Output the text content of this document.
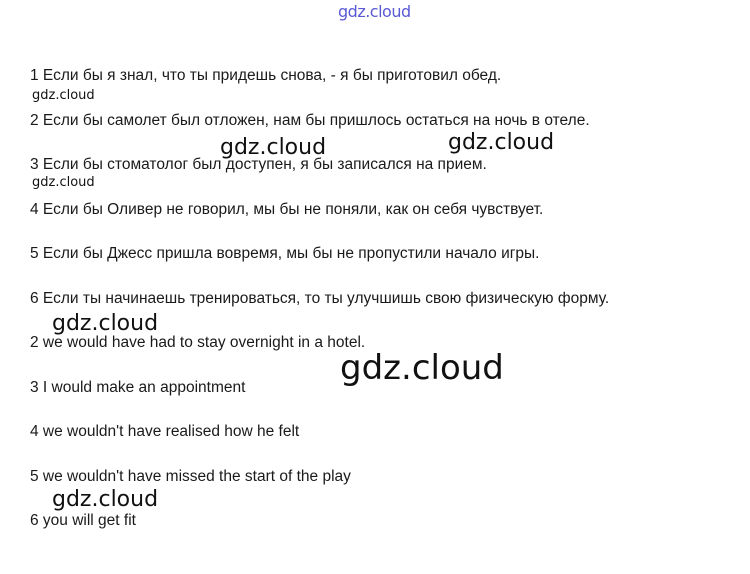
gdz.cloud
1 Если бы я знал, что ты придешь снова, - я бы приготовил обед.
2 Если бы самолет был отложен, нам бы пришлось остаться на ночь в отеле.
3 Если бы стоматолог был доступен, я бы записался на прием.
4 Если бы Оливер не говорил, мы бы не поняли, как он себя чувствует.
5 Если бы Джесс пришла вовремя, мы бы не пропустили начало игры.
6 Если ты начинаешь тренироваться, то ты улучшишь свою физическую форму.
2 we would have had to stay overnight in a hotel.
3 I would make an appointment
4 we wouldn't have realised how he felt
5 we wouldn't have missed the start of the play
6 you will get fit
gdz.cloud
gdz.cloud	gdz.cloud
gdz.cloud
gdz.cloud
gdz.cloud
gdz.cloud
